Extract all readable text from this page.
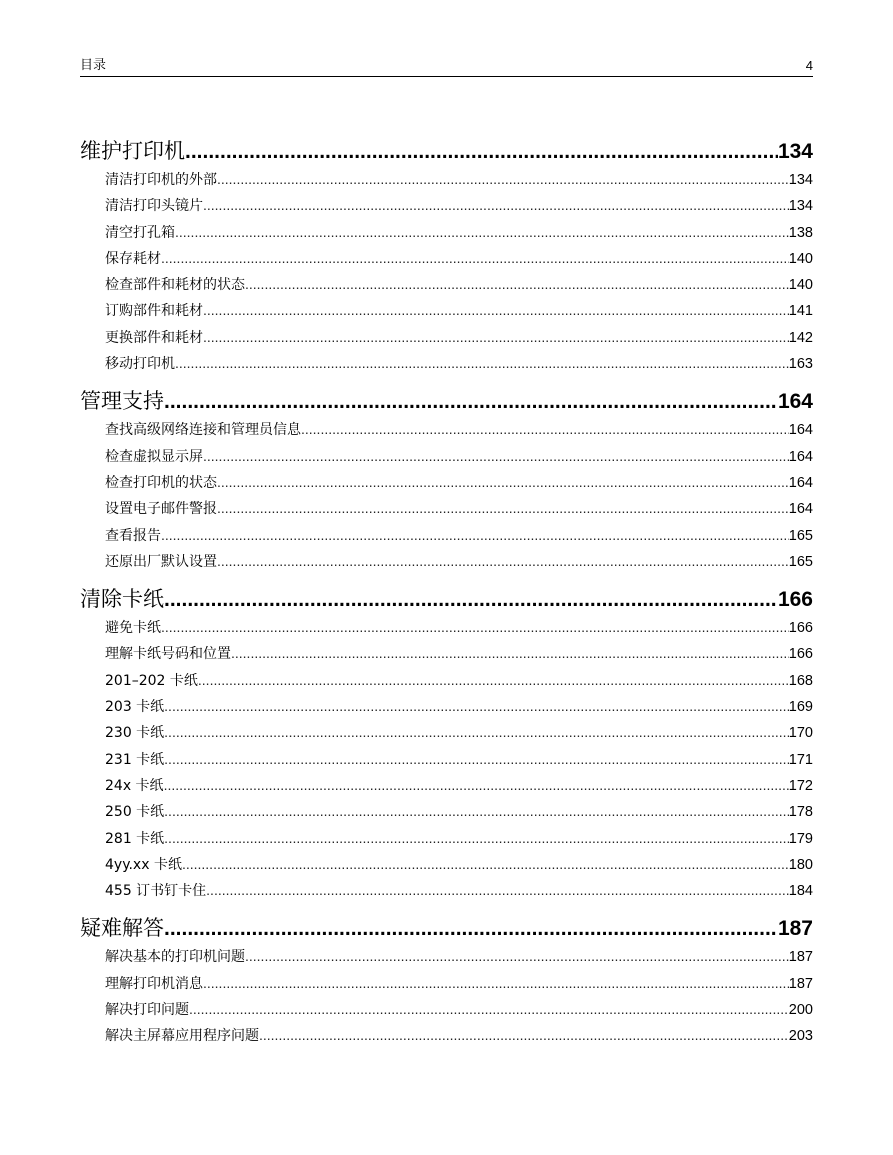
目录	4
维护打印机 .....	134
清洁打印机的外部 .....	134
清洁打印头镜片 .....	134
清空打孔箱 .....	138
保存耗材 .....	140
检查部件和耗材的状态 .....	140
订购部件和耗材 .....	141
更换部件和耗材 .....	142
移动打印机 .....	163
管理支持 .....	164
查找高级网络连接和管理员信息 .....	164
检查虚拟显示屏 .....	164
检查打印机的状态 .....	164
设置电子邮件警报 .....	164
查看报告 .....	165
还原出厂默认设置 .....	165
清除卡纸 .....	166
避免卡纸 .....	166
理解卡纸号码和位置 .....	166
201–202 卡纸 .....	168
203 卡纸 .....	169
230 卡纸 .....	170
231 卡纸 .....	171
24x 卡纸 .....	172
250 卡纸 .....	178
281 卡纸 .....	179
4yy.xx 卡纸 .....	180
455 订书钉卡住 .....	184
疑难解答 .....	187
解决基本的打印机问题 .....	187
理解打印机消息 .....	187
解决打印问题 .....	200
解决主屏幕应用程序问题 .....	203
